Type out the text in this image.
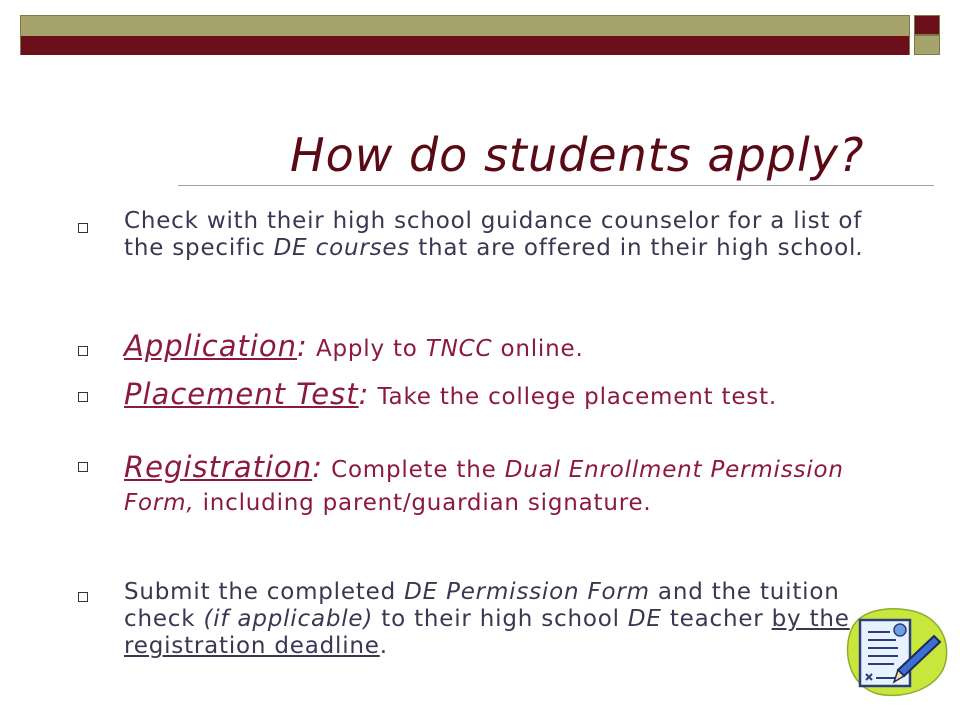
How do students apply?
Check with their high school guidance counselor for a list of the specific DE courses that are offered in their high school.
Application: Apply to TNCC online.
Placement Test: Take the college placement test.
Registration: Complete the Dual Enrollment Permission Form, including parent/guardian signature.
Submit the completed DE Permission Form and the tuition check (if applicable) to their high school DE teacher by the registration deadline.
